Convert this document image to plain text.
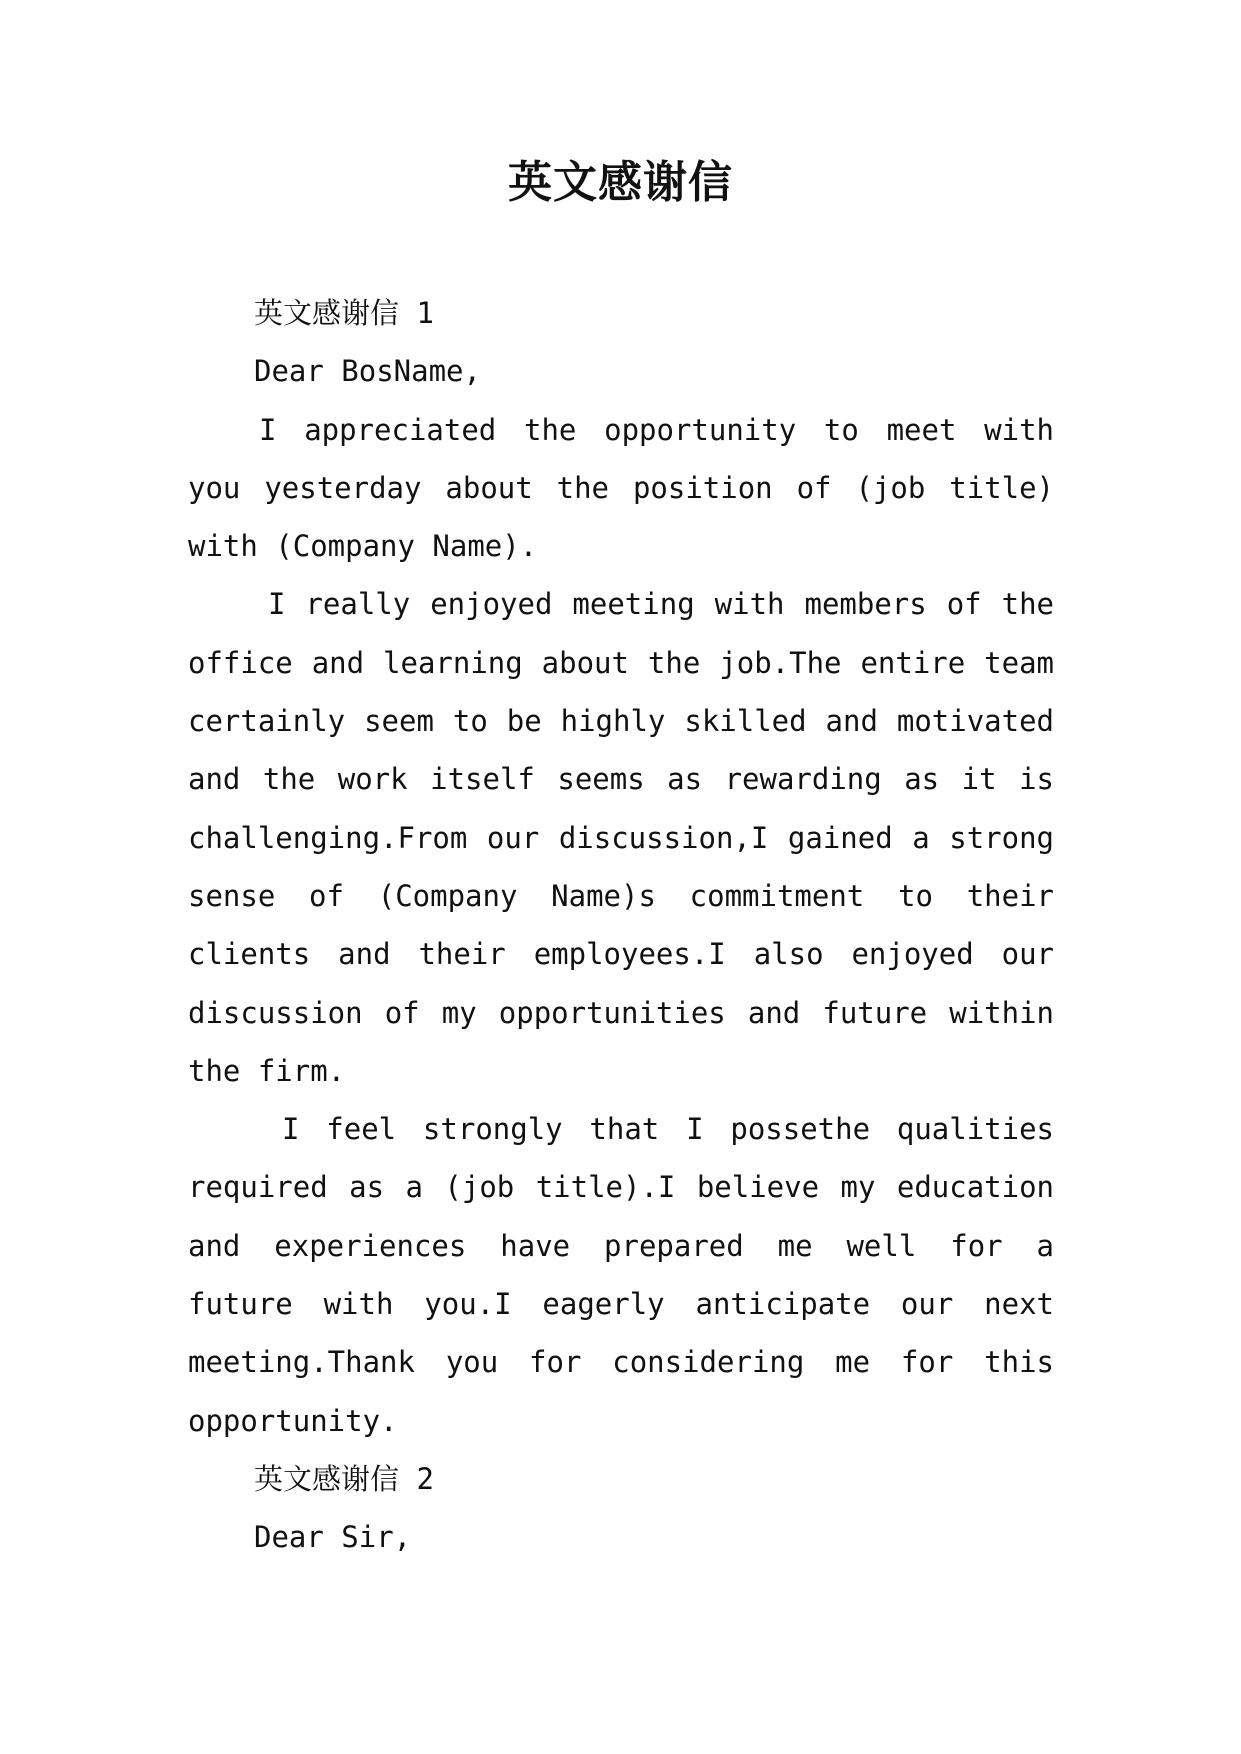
英文感谢信

英文感谢信 1

Dear BosName,

I appreciated the opportunity to meet with you yesterday about the position of (job title) with (Company Name).

I really enjoyed meeting with members of the office and learning about the job.The entire team certainly seem to be highly skilled and motivated and the work itself seems as rewarding as it is challenging.From our discussion,I gained a strong sense of (Company Name)s commitment to their clients and their employees.I also enjoyed our discussion of my opportunities and future within the firm.

I feel strongly that I possethe qualities required as a (job title).I believe my education and experiences have prepared me well for a future with you.I eagerly anticipate our next meeting.Thank you for considering me for this opportunity.

英文感谢信 2

Dear Sir,
